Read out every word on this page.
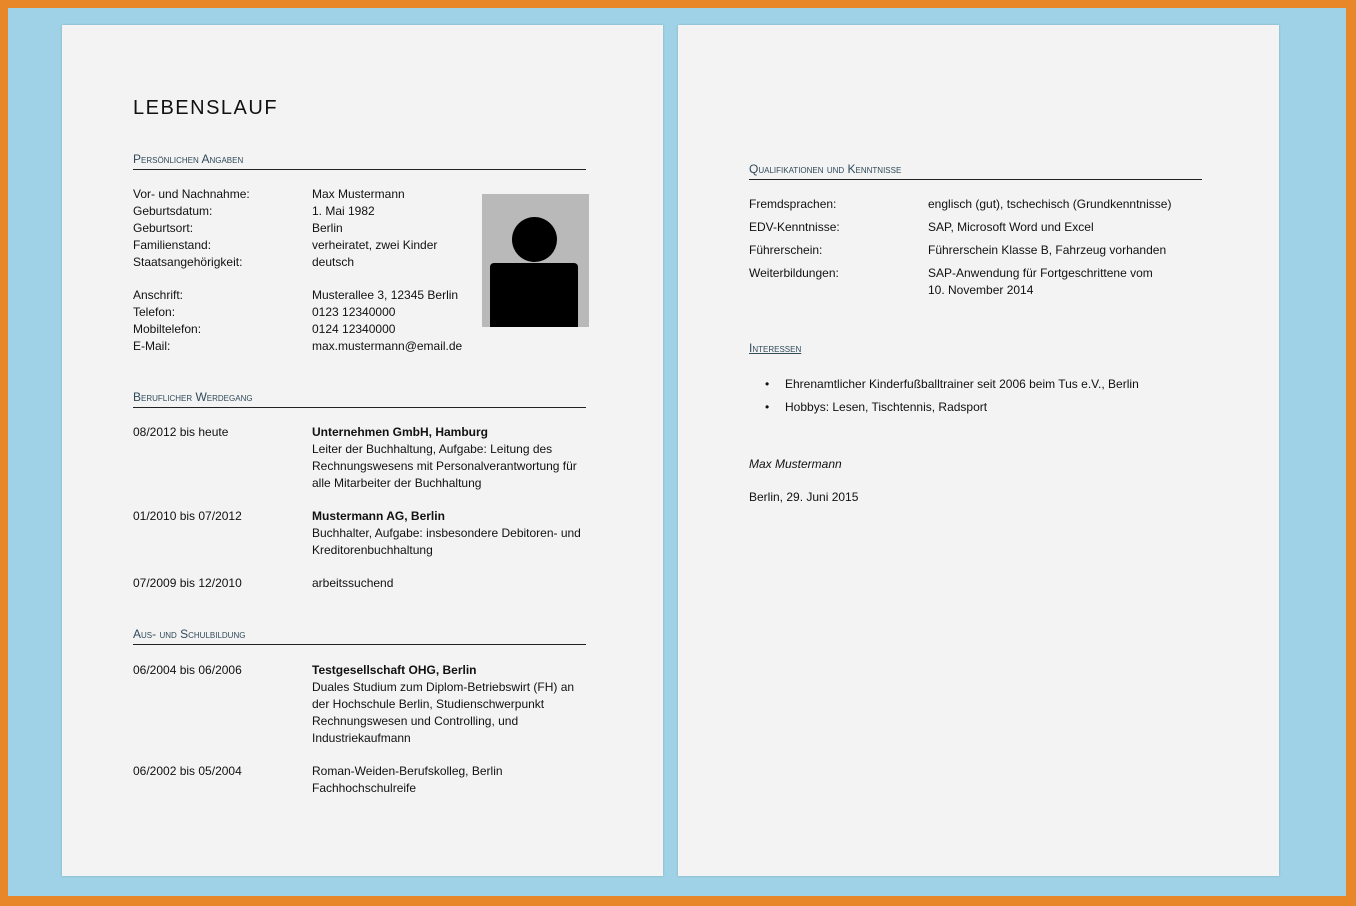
LEBENSLAUF
Persönlichen Angaben
Vor- und Nachnahme:	Max Mustermann
Geburtsdatum:	1. Mai 1982
Geburtsort:	Berlin
Familienstand:	verheiratet, zwei Kinder
Staatsangehörigkeit:	deutsch
Anschrift:	Musterallee 3, 12345 Berlin
Telefon:	0123 12340000
Mobiltelefon:	0124 12340000
E-Mail:	max.mustermann@email.de
Beruflicher Werdegang
08/2012 bis heute	Unternehmen GmbH, Hamburg
Leiter der Buchhaltung, Aufgabe: Leitung des
Rechnungswesens mit Personalverantwortung für
alle Mitarbeiter der Buchhaltung
01/2010 bis 07/2012	Mustermann AG, Berlin
Buchhalter, Aufgabe: insbesondere Debitoren- und
Kreditorenbuchhaltung
07/2009 bis 12/2010	arbeitssuchend
Aus- und Schulbildung
06/2004 bis 06/2006	Testgesellschaft OHG, Berlin
Duales Studium zum Diplom-Betriebswirt (FH) an
der Hochschule Berlin, Studienschwerpunkt
Rechnungswesen und Controlling, und
Industriekaufmann
06/2002 bis 05/2004	Roman-Weiden-Berufskolleg, Berlin
Fachhochschulreife
Qualifikationen und Kenntnisse
Fremdsprachen:	englisch (gut), tschechisch (Grundkenntnisse)
EDV-Kenntnisse:	SAP, Microsoft Word und Excel
Führerschein:	Führerschein Klasse B, Fahrzeug vorhanden
Weiterbildungen:	SAP-Anwendung für Fortgeschrittene vom
10. November 2014
Interessen
• Ehrenamtlicher Kinderfußballtrainer seit 2006 beim Tus e.V., Berlin
• Hobbys: Lesen, Tischtennis, Radsport
Max Mustermann
Berlin, 29. Juni 2015
